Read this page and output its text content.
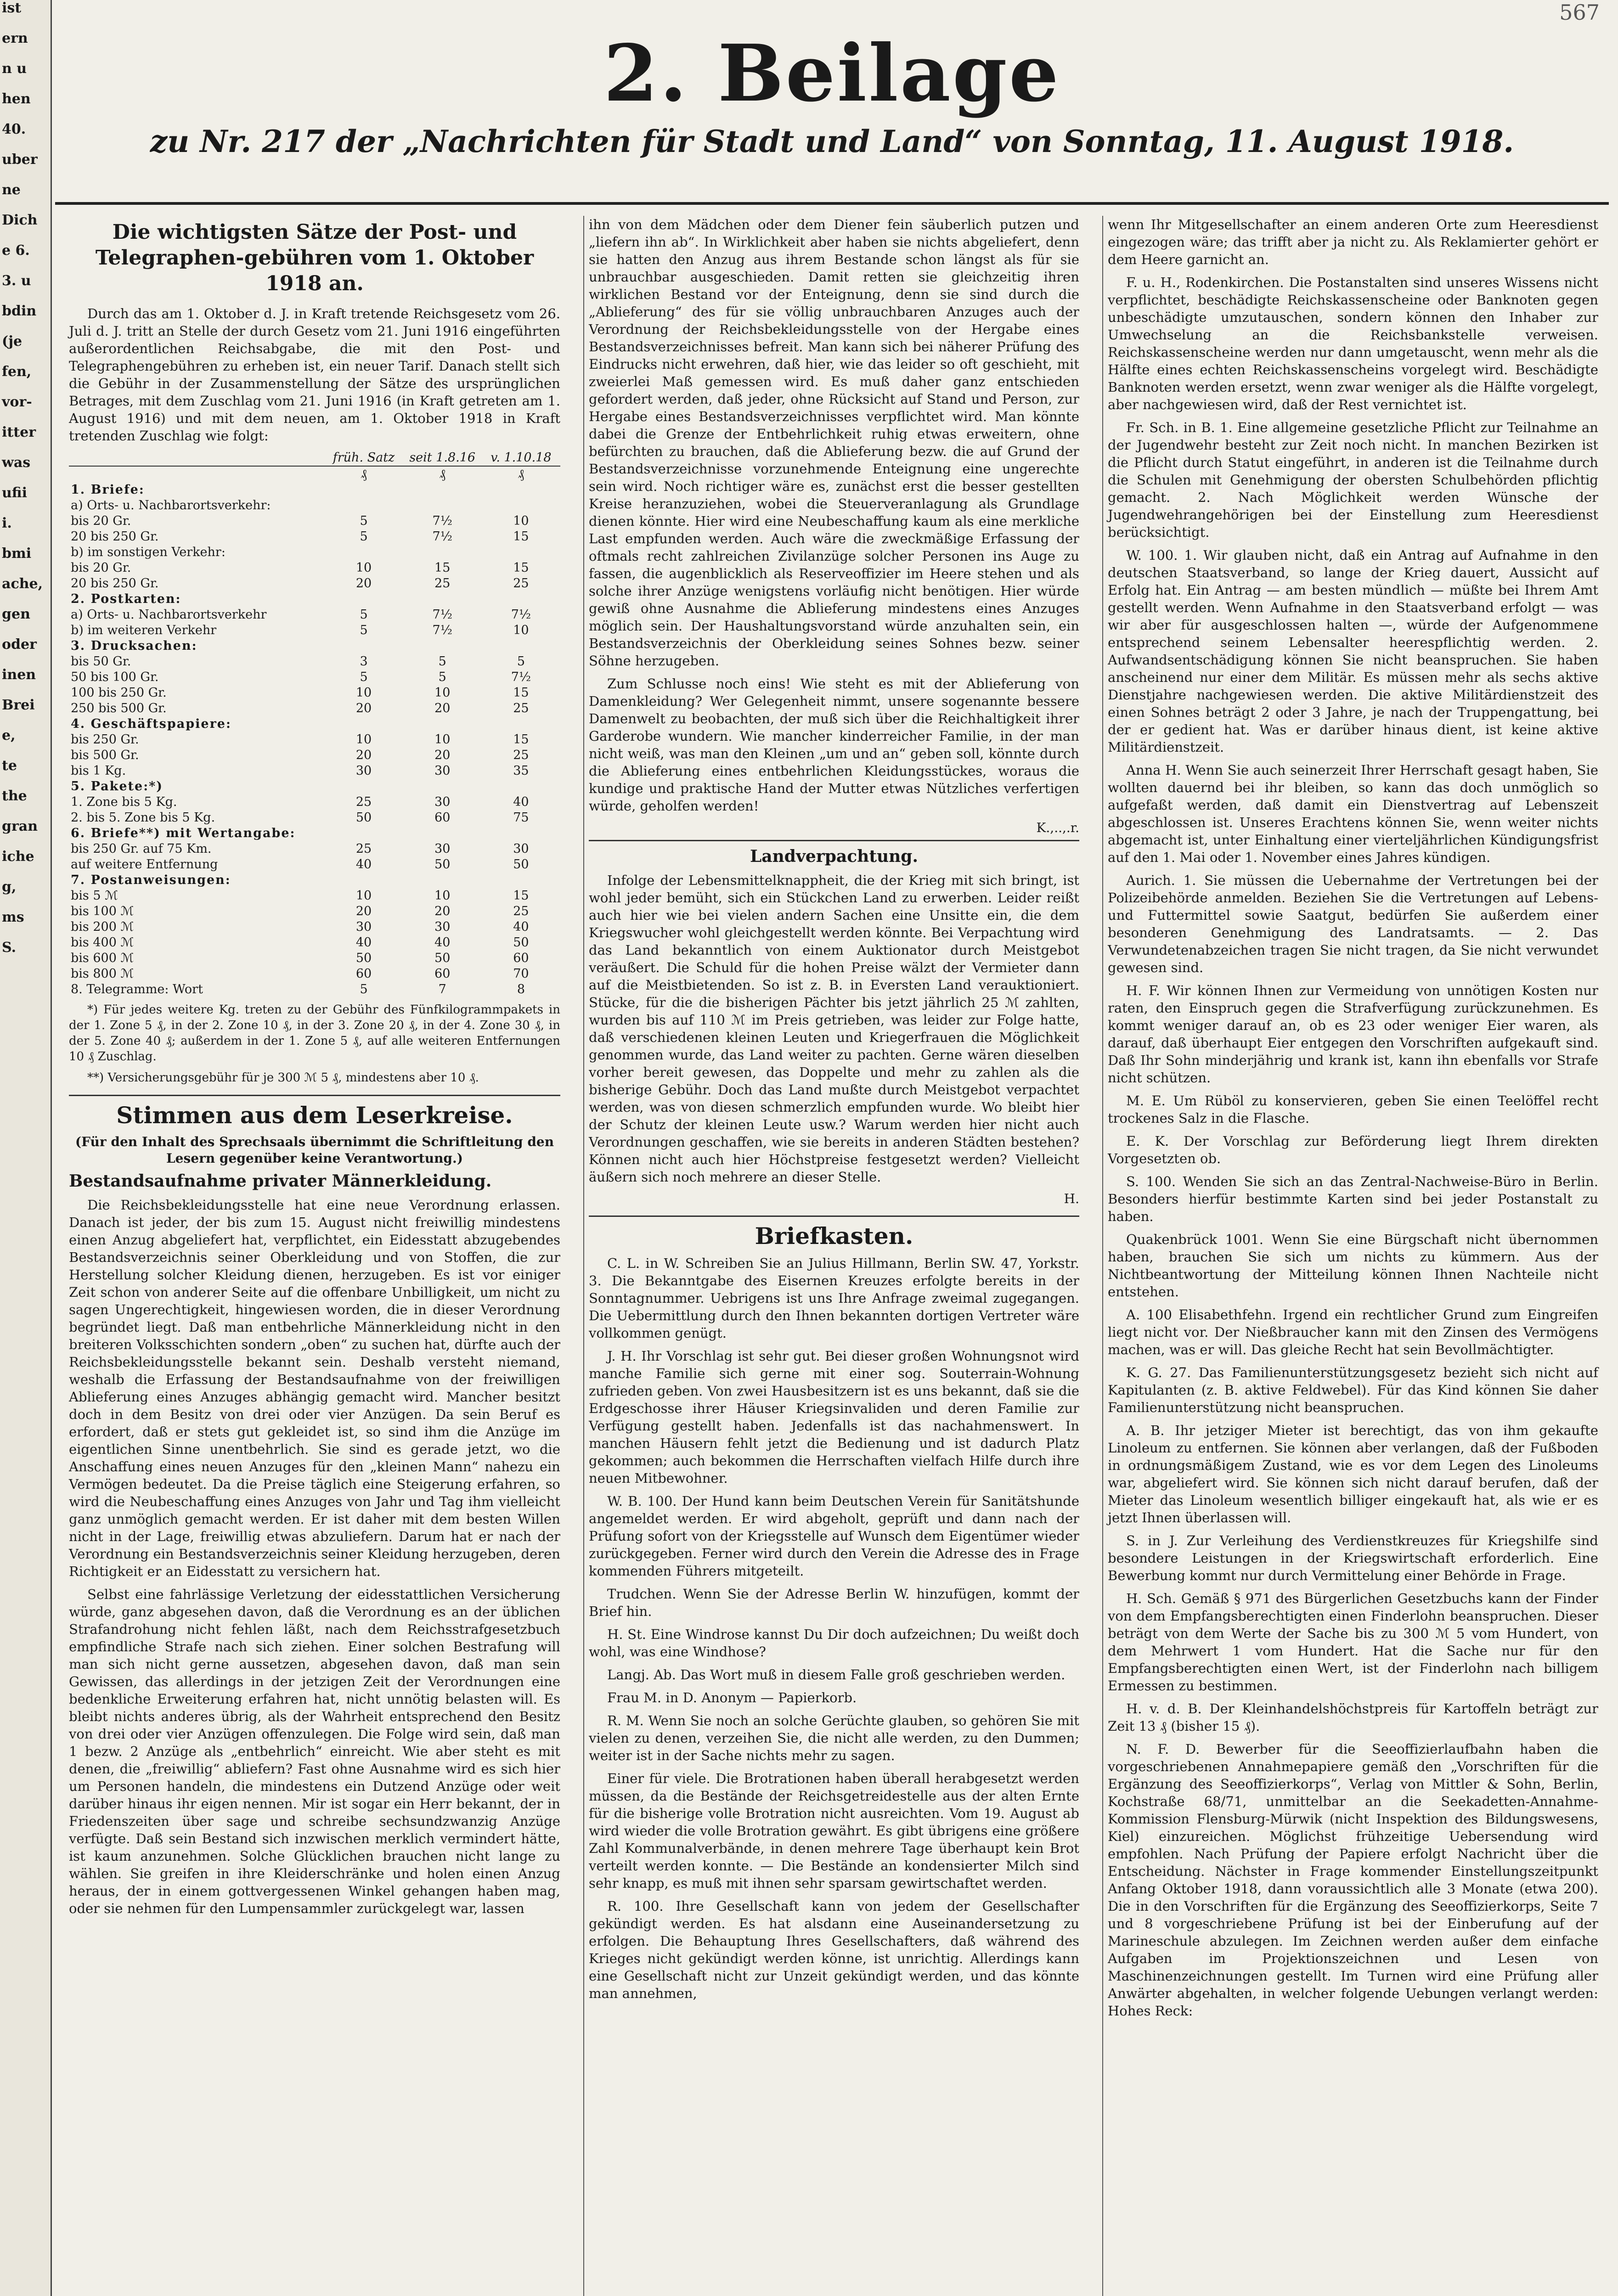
567
ist
ern
n u
hen
40.
uber
ne
Dich
e 6.
3. u
bdin
(je
fen,
vor-
itter
was
ufii
i.
bmi
ache,
gen
oder
inen
Brei
e,
te
the
gran
iche
g,
ms
S.
2. Beilage
zu Nr. 217 der „Nachrichten für Stadt und Land“ von Sonntag, 11. August 1918.
Die wichtigsten Sätze der Post- und Telegraphen-gebühren vom 1. Oktober 1918 an.

Durch das am 1. Oktober d. J. in Kraft tretende Reichsgesetz vom 26. Juli d. J. tritt an Stelle der durch Gesetz vom 21. Juni 1916 eingeführten außerordentlichen Reichsabgabe, die mit den Post- und Telegraphengebühren zu erheben ist, ein neuer Tarif. Danach stellt sich die Gebühr in der Zusammenstellung der Sätze des ursprünglichen Betrages, mit dem Zuschlag vom 21. Juni 1916 (in Kraft getreten am 1. August 1916) und mit dem neuen, am 1. Oktober 1918 in Kraft tretenden Zuschlag wie folgt:

	früh. Satz	seit 1.8.16	v. 1.10.18
	₰	₰	₰
1. Briefe:			
a) Orts- u. Nachbarortsverkehr:			
bis 20 Gr.	5	7½	10
20 bis 250 Gr.	5	7½	15
b) im sonstigen Verkehr:			
bis 20 Gr.	10	15	15
20 bis 250 Gr.	20	25	25
2. Postkarten:			
a) Orts- u. Nachbarortsverkehr	5	7½	7½
b) im weiteren Verkehr	5	7½	10
3. Drucksachen:			
bis 50 Gr.	3	5	5
50 bis 100 Gr.	5	5	7½
100 bis 250 Gr.	10	10	15
250 bis 500 Gr.	20	20	25
4. Geschäftspapiere:			
bis 250 Gr.	10	10	15
bis 500 Gr.	20	20	25
bis 1 Kg.	30	30	35
5. Pakete:*)			
1. Zone bis 5 Kg.	25	30	40
2. bis 5. Zone bis 5 Kg.	50	60	75
6. Briefe**) mit Wertangabe:			
bis 250 Gr. auf 75 Km.	25	30	30
auf weitere Entfernung	40	50	50
7. Postanweisungen:			
bis 5 ℳ	10	10	15
bis 100 ℳ	20	20	25
bis 200 ℳ	30	30	40
bis 400 ℳ	40	40	50
bis 600 ℳ	50	50	60
bis 800 ℳ	60	60	70
8. Telegramme: Wort	5	7	8

*) Für jedes weitere Kg. treten zu der Gebühr des Fünfkilogrammpakets in der 1. Zone 5 ₰, in der 2. Zone 10 ₰, in der 3. Zone 20 ₰, in der 4. Zone 30 ₰, in der 5. Zone 40 ₰; außerdem in der 1. Zone 5 ₰, auf alle weiteren Entfernungen 10 ₰ Zuschlag.

**) Versicherungsgebühr für je 300 ℳ 5 ₰, mindestens aber 10 ₰.

Stimmen aus dem Leserkreise.
(Für den Inhalt des Sprechsaals übernimmt die Schriftleitung den Lesern gegenüber keine Verantwortung.)
Bestandsaufnahme privater Männerkleidung.

Die Reichsbekleidungsstelle hat eine neue Verordnung erlassen. Danach ist jeder, der bis zum 15. August nicht freiwillig mindestens einen Anzug abgeliefert hat, verpflichtet, ein Eidesstatt abzugebendes Bestandsverzeichnis seiner Oberkleidung und von Stoffen, die zur Herstellung solcher Kleidung dienen, herzugeben. Es ist vor einiger Zeit schon von anderer Seite auf die offenbare Unbilligkeit, um nicht zu sagen Ungerechtigkeit, hingewiesen worden, die in dieser Verordnung begründet liegt. Daß man entbehrliche Männerkleidung nicht in den breiteren Volksschichten sondern „oben“ zu suchen hat, dürfte auch der Reichsbekleidungsstelle bekannt sein. Deshalb versteht niemand, weshalb die Erfassung der Bestandsaufnahme von der freiwilligen Ablieferung eines Anzuges abhängig gemacht wird. Mancher besitzt doch in dem Besitz von drei oder vier Anzügen. Da sein Beruf es erfordert, daß er stets gut gekleidet ist, so sind ihm die Anzüge im eigentlichen Sinne unentbehrlich. Sie sind es gerade jetzt, wo die Anschaffung eines neuen Anzuges für den „kleinen Mann“ nahezu ein Vermögen bedeutet. Da die Preise täglich eine Steigerung erfahren, so wird die Neubeschaffung eines Anzuges von Jahr und Tag ihm vielleicht ganz unmöglich gemacht werden. Er ist daher mit dem besten Willen nicht in der Lage, freiwillig etwas abzuliefern. Darum hat er nach der Verordnung ein Bestandsverzeichnis seiner Kleidung herzugeben, deren Richtigkeit er an Eidesstatt zu versichern hat.

Selbst eine fahrlässige Verletzung der eidesstattlichen Versicherung würde, ganz abgesehen davon, daß die Verordnung es an der üblichen Strafandrohung nicht fehlen läßt, nach dem Reichsstrafgesetzbuch empfindliche Strafe nach sich ziehen. Einer solchen Bestrafung will man sich nicht gerne aussetzen, abgesehen davon, daß man sein Gewissen, das allerdings in der jetzigen Zeit der Verordnungen eine bedenkliche Erweiterung erfahren hat, nicht unnötig belasten will. Es bleibt nichts anderes übrig, als der Wahrheit entsprechend den Besitz von drei oder vier Anzügen offenzulegen. Die Folge wird sein, daß man 1 bezw. 2 Anzüge als „entbehrlich“ einreicht. Wie aber steht es mit denen, die „freiwillig“ abliefern? Fast ohne Ausnahme wird es sich hier um Personen handeln, die mindestens ein Dutzend Anzüge oder weit darüber hinaus ihr eigen nennen. Mir ist sogar ein Herr bekannt, der in Friedenszeiten über sage und schreibe sechsundzwanzig Anzüge verfügte. Daß sein Bestand sich inzwischen merklich vermindert hätte, ist kaum anzunehmen. Solche Glücklichen brauchen nicht lange zu wählen. Sie greifen in ihre Kleiderschränke und holen einen Anzug heraus, der in einem gottvergessenen Winkel gehangen haben mag, oder sie nehmen für den Lumpensammler zurückgelegt war, lassen

ihn von dem Mädchen oder dem Diener fein säuberlich putzen und „liefern ihn ab“. In Wirklichkeit aber haben sie nichts abgeliefert, denn sie hatten den Anzug aus ihrem Bestande schon längst als für sie unbrauchbar ausgeschieden. Damit retten sie gleichzeitig ihren wirklichen Bestand vor der Enteignung, denn sie sind durch die „Ablieferung“ des für sie völlig unbrauchbaren Anzuges auch der Verordnung der Reichsbekleidungsstelle von der Hergabe eines Bestandsverzeichnisses befreit. Man kann sich bei näherer Prüfung des Eindrucks nicht erwehren, daß hier, wie das leider so oft geschieht, mit zweierlei Maß gemessen wird. Es muß daher ganz entschieden gefordert werden, daß jeder, ohne Rücksicht auf Stand und Person, zur Hergabe eines Bestandsverzeichnisses verpflichtet wird. Man könnte dabei die Grenze der Entbehrlichkeit ruhig etwas erweitern, ohne befürchten zu brauchen, daß die Ablieferung bezw. die auf Grund der Bestandsverzeichnisse vorzunehmende Enteignung eine ungerechte sein wird. Noch richtiger wäre es, zunächst erst die besser gestellten Kreise heranzuziehen, wobei die Steuerveranlagung als Grundlage dienen könnte. Hier wird eine Neubeschaffung kaum als eine merkliche Last empfunden werden. Auch wäre die zweckmäßige Erfassung der oftmals recht zahlreichen Zivilanzüge solcher Personen ins Auge zu fassen, die augenblicklich als Reserveoffizier im Heere stehen und als solche ihrer Anzüge wenigstens vorläufig nicht benötigen. Hier würde gewiß ohne Ausnahme die Ablieferung mindestens eines Anzuges möglich sein. Der Haushaltungsvorstand würde anzuhalten sein, ein Bestandsverzeichnis der Oberkleidung seines Sohnes bezw. seiner Söhne herzugeben.

Zum Schlusse noch eins! Wie steht es mit der Ablieferung von Damenkleidung? Wer Gelegenheit nimmt, unsere sogenannte bessere Damenwelt zu beobachten, der muß sich über die Reichhaltigkeit ihrer Garderobe wundern. Wie mancher kinderreicher Familie, in der man nicht weiß, was man den Kleinen „um und an“ geben soll, könnte durch die Ablieferung eines entbehrlichen Kleidungsstückes, woraus die kundige und praktische Hand der Mutter etwas Nützliches verfertigen würde, geholfen werden!

K.,..,.r.
Landverpachtung.

Infolge der Lebensmittelknappheit, die der Krieg mit sich bringt, ist wohl jeder bemüht, sich ein Stückchen Land zu erwerben. Leider reißt auch hier wie bei vielen andern Sachen eine Unsitte ein, die dem Kriegswucher wohl gleichgestellt werden könnte. Bei Verpachtung wird das Land bekanntlich von einem Auktionator durch Meistgebot veräußert. Die Schuld für die hohen Preise wälzt der Vermieter dann auf die Meistbietenden. So ist z. B. in Eversten Land verauktioniert. Stücke, für die die bisherigen Pächter bis jetzt jährlich 25 ℳ zahlten, wurden bis auf 110 ℳ im Preis getrieben, was leider zur Folge hatte, daß verschiedenen kleinen Leuten und Kriegerfrauen die Möglichkeit genommen wurde, das Land weiter zu pachten. Gerne wären dieselben vorher bereit gewesen, das Doppelte und mehr zu zahlen als die bisherige Gebühr. Doch das Land mußte durch Meistgebot verpachtet werden, was von diesen schmerzlich empfunden wurde. Wo bleibt hier der Schutz der kleinen Leute usw.? Warum werden hier nicht auch Verordnungen geschaffen, wie sie bereits in anderen Städten bestehen? Können nicht auch hier Höchstpreise festgesetzt werden? Vielleicht äußern sich noch mehrere an dieser Stelle.

H.
Briefkasten.

C. L. in W. Schreiben Sie an Julius Hillmann, Berlin SW. 47, Yorkstr. 3. Die Bekanntgabe des Eisernen Kreuzes erfolgte bereits in der Sonntagnummer. Uebrigens ist uns Ihre Anfrage zweimal zugegangen. Die Uebermittlung durch den Ihnen bekannten dortigen Vertreter wäre vollkommen genügt.

J. H. Ihr Vorschlag ist sehr gut. Bei dieser großen Wohnungsnot wird manche Familie sich gerne mit einer sog. Souterrain-Wohnung zufrieden geben. Von zwei Hausbesitzern ist es uns bekannt, daß sie die Erdgeschosse ihrer Häuser Kriegsinvaliden und deren Familie zur Verfügung gestellt haben. Jedenfalls ist das nachahmenswert. In manchen Häusern fehlt jetzt die Bedienung und ist dadurch Platz gekommen; auch bekommen die Herrschaften vielfach Hilfe durch ihre neuen Mitbewohner.

W. B. 100. Der Hund kann beim Deutschen Verein für Sanitätshunde angemeldet werden. Er wird abgeholt, geprüft und dann nach der Prüfung sofort von der Kriegsstelle auf Wunsch dem Eigentümer wieder zurückgegeben. Ferner wird durch den Verein die Adresse des in Frage kommenden Führers mitgeteilt.

Trudchen. Wenn Sie der Adresse Berlin W. hinzufügen, kommt der Brief hin.

H. St. Eine Windrose kannst Du Dir doch aufzeichnen; Du weißt doch wohl, was eine Windhose?

Langj. Ab. Das Wort muß in diesem Falle groß geschrieben werden.

Frau M. in D. Anonym — Papierkorb.

R. M. Wenn Sie noch an solche Gerüchte glauben, so gehören Sie mit vielen zu denen, verzeihen Sie, die nicht alle werden, zu den Dummen; weiter ist in der Sache nichts mehr zu sagen.

Einer für viele. Die Brotrationen haben überall herabgesetzt werden müssen, da die Bestände der Reichsgetreidestelle aus der alten Ernte für die bisherige volle Brotration nicht ausreichten. Vom 19. August ab wird wieder die volle Brotration gewährt. Es gibt übrigens eine größere Zahl Kommunalverbände, in denen mehrere Tage überhaupt kein Brot verteilt werden konnte. — Die Bestände an kondensierter Milch sind sehr knapp, es muß mit ihnen sehr sparsam gewirtschaftet werden.

R. 100. Ihre Gesellschaft kann von jedem der Gesellschafter gekündigt werden. Es hat alsdann eine Auseinandersetzung zu erfolgen. Die Behauptung Ihres Gesellschafters, daß während des Krieges nicht gekündigt werden könne, ist unrichtig. Allerdings kann eine Gesellschaft nicht zur Unzeit gekündigt werden, und das könnte man annehmen,

wenn Ihr Mitgesellschafter an einem anderen Orte zum Heeresdienst eingezogen wäre; das trifft aber ja nicht zu. Als Reklamierter gehört er dem Heere garnicht an.

F. u. H., Rodenkirchen. Die Postanstalten sind unseres Wissens nicht verpflichtet, beschädigte Reichskassenscheine oder Banknoten gegen unbeschädigte umzutauschen, sondern können den Inhaber zur Umwechselung an die Reichsbankstelle verweisen. Reichskassenscheine werden nur dann umgetauscht, wenn mehr als die Hälfte eines echten Reichskassenscheins vorgelegt wird. Beschädigte Banknoten werden ersetzt, wenn zwar weniger als die Hälfte vorgelegt, aber nachgewiesen wird, daß der Rest vernichtet ist.

Fr. Sch. in B. 1. Eine allgemeine gesetzliche Pflicht zur Teilnahme an der Jugendwehr besteht zur Zeit noch nicht. In manchen Bezirken ist die Pflicht durch Statut eingeführt, in anderen ist die Teilnahme durch die Schulen mit Genehmigung der obersten Schulbehörden pflichtig gemacht. 2. Nach Möglichkeit werden Wünsche der Jugendwehrangehörigen bei der Einstellung zum Heeresdienst berücksichtigt.

W. 100. 1. Wir glauben nicht, daß ein Antrag auf Aufnahme in den deutschen Staatsverband, so lange der Krieg dauert, Aussicht auf Erfolg hat. Ein Antrag — am besten mündlich — müßte bei Ihrem Amt gestellt werden. Wenn Aufnahme in den Staatsverband erfolgt — was wir aber für ausgeschlossen halten —, würde der Aufgenommene entsprechend seinem Lebensalter heerespflichtig werden. 2. Aufwandsentschädigung können Sie nicht beanspruchen. Sie haben anscheinend nur einer dem Militär. Es müssen mehr als sechs aktive Dienstjahre nachgewiesen werden. Die aktive Militärdienstzeit des einen Sohnes beträgt 2 oder 3 Jahre, je nach der Truppengattung, bei der er gedient hat. Was er darüber hinaus dient, ist keine aktive Militärdienstzeit.

Anna H. Wenn Sie auch seinerzeit Ihrer Herrschaft gesagt haben, Sie wollten dauernd bei ihr bleiben, so kann das doch unmöglich so aufgefaßt werden, daß damit ein Dienstvertrag auf Lebenszeit abgeschlossen ist. Unseres Erachtens können Sie, wenn weiter nichts abgemacht ist, unter Einhaltung einer vierteljährlichen Kündigungsfrist auf den 1. Mai oder 1. November eines Jahres kündigen.

Aurich. 1. Sie müssen die Uebernahme der Vertretungen bei der Polizeibehörde anmelden. Beziehen Sie die Vertretungen auf Lebens- und Futtermittel sowie Saatgut, bedürfen Sie außerdem einer besonderen Genehmigung des Landratsamts. — 2. Das Verwundetenabzeichen tragen Sie nicht tragen, da Sie nicht verwundet gewesen sind.

H. F. Wir können Ihnen zur Vermeidung von unnötigen Kosten nur raten, den Einspruch gegen die Strafverfügung zurückzunehmen. Es kommt weniger darauf an, ob es 23 oder weniger Eier waren, als darauf, daß überhaupt Eier entgegen den Vorschriften aufgekauft sind. Daß Ihr Sohn minderjährig und krank ist, kann ihn ebenfalls vor Strafe nicht schützen.

M. E. Um Rüböl zu konservieren, geben Sie einen Teelöffel recht trockenes Salz in die Flasche.

E. K. Der Vorschlag zur Beförderung liegt Ihrem direkten Vorgesetzten ob.

S. 100. Wenden Sie sich an das Zentral-Nachweise-Büro in Berlin. Besonders hierfür bestimmte Karten sind bei jeder Postanstalt zu haben.

Quakenbrück 1001. Wenn Sie eine Bürgschaft nicht übernommen haben, brauchen Sie sich um nichts zu kümmern. Aus der Nichtbeantwortung der Mitteilung können Ihnen Nachteile nicht entstehen.

A. 100 Elisabethfehn. Irgend ein rechtlicher Grund zum Eingreifen liegt nicht vor. Der Nießbraucher kann mit den Zinsen des Vermögens machen, was er will. Das gleiche Recht hat sein Bevollmächtigter.

K. G. 27. Das Familienunterstützungsgesetz bezieht sich nicht auf Kapitulanten (z. B. aktive Feldwebel). Für das Kind können Sie daher Familienunterstützung nicht beanspruchen.

A. B. Ihr jetziger Mieter ist berechtigt, das von ihm gekaufte Linoleum zu entfernen. Sie können aber verlangen, daß der Fußboden in ordnungsmäßigem Zustand, wie es vor dem Legen des Linoleums war, abgeliefert wird. Sie können sich nicht darauf berufen, daß der Mieter das Linoleum wesentlich billiger eingekauft hat, als wie er es jetzt Ihnen überlassen will.

S. in J. Zur Verleihung des Verdienstkreuzes für Kriegshilfe sind besondere Leistungen in der Kriegswirtschaft erforderlich. Eine Bewerbung kommt nur durch Vermittelung einer Behörde in Frage.

H. Sch. Gemäß § 971 des Bürgerlichen Gesetzbuchs kann der Finder von dem Empfangsberechtigten einen Finderlohn beanspruchen. Dieser beträgt von dem Werte der Sache bis zu 300 ℳ 5 vom Hundert, von dem Mehrwert 1 vom Hundert. Hat die Sache nur für den Empfangsberechtigten einen Wert, ist der Finderlohn nach billigem Ermessen zu bestimmen.

H. v. d. B. Der Kleinhandelshöchstpreis für Kartoffeln beträgt zur Zeit 13 ₰ (bisher 15 ₰).

N. F. D. Bewerber für die Seeoffizierlaufbahn haben die vorgeschriebenen Annahmepapiere gemäß den „Vorschriften für die Ergänzung des Seeoffizierkorps“, Verlag von Mittler & Sohn, Berlin, Kochstraße 68/71, unmittelbar an die Seekadetten-Annahme-Kommission Flensburg-Mürwik (nicht Inspektion des Bildungswesens, Kiel) einzureichen. Möglichst frühzeitige Uebersendung wird empfohlen. Nach Prüfung der Papiere erfolgt Nachricht über die Entscheidung. Nächster in Frage kommender Einstellungszeitpunkt Anfang Oktober 1918, dann voraussichtlich alle 3 Monate (etwa 200). Die in den Vorschriften für die Ergänzung des Seeoffizierkorps, Seite 7 und 8 vorgeschriebene Prüfung ist bei der Einberufung auf der Marineschule abzulegen. Im Zeichnen werden außer dem einfache Aufgaben im Projektionszeichnen und Lesen von Maschinenzeichnungen gestellt. Im Turnen wird eine Prüfung aller Anwärter abgehalten, in welcher folgende Uebungen verlangt werden: Hohes Reck:
